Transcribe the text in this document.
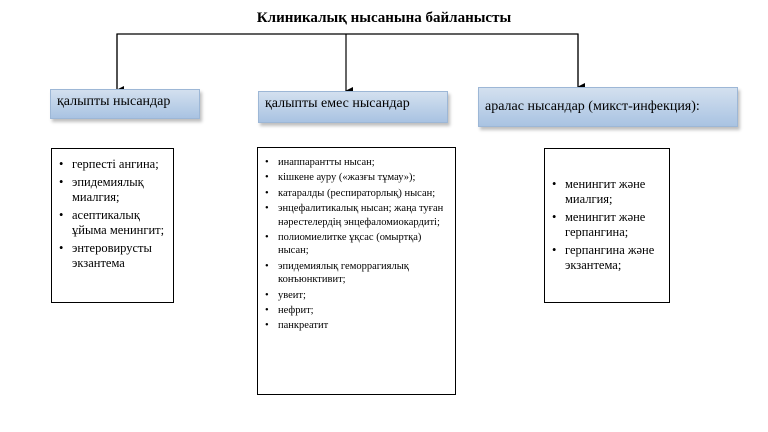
Клиникалық нысанына байланысты
қалыпты нысандар	қалыпты емес нысандар	аралас нысандар (микст-инфекция):
• герпесті ангина;
• эпидемиялық миалгия;
• асептикалық ұйыма менингит;
• энтеровирусты экзантема
• инаппарантты нысан;
• кішкене ауру («жазғы тұмау»);
• катаралды (респираторлық) нысан;
• энцефалитикалық нысан; жаңа туған нәрестелердің энцефаломиокардиті;
• полиомиелитке ұқсас (омыртқа) нысан;
• эпидемиялық геморрагиялық конъюнктивит;
• увеит;
• нефрит;
• панкреатит
• менингит және миалгия;
• менингит және герпангина;
• герпангина және экзантема;
